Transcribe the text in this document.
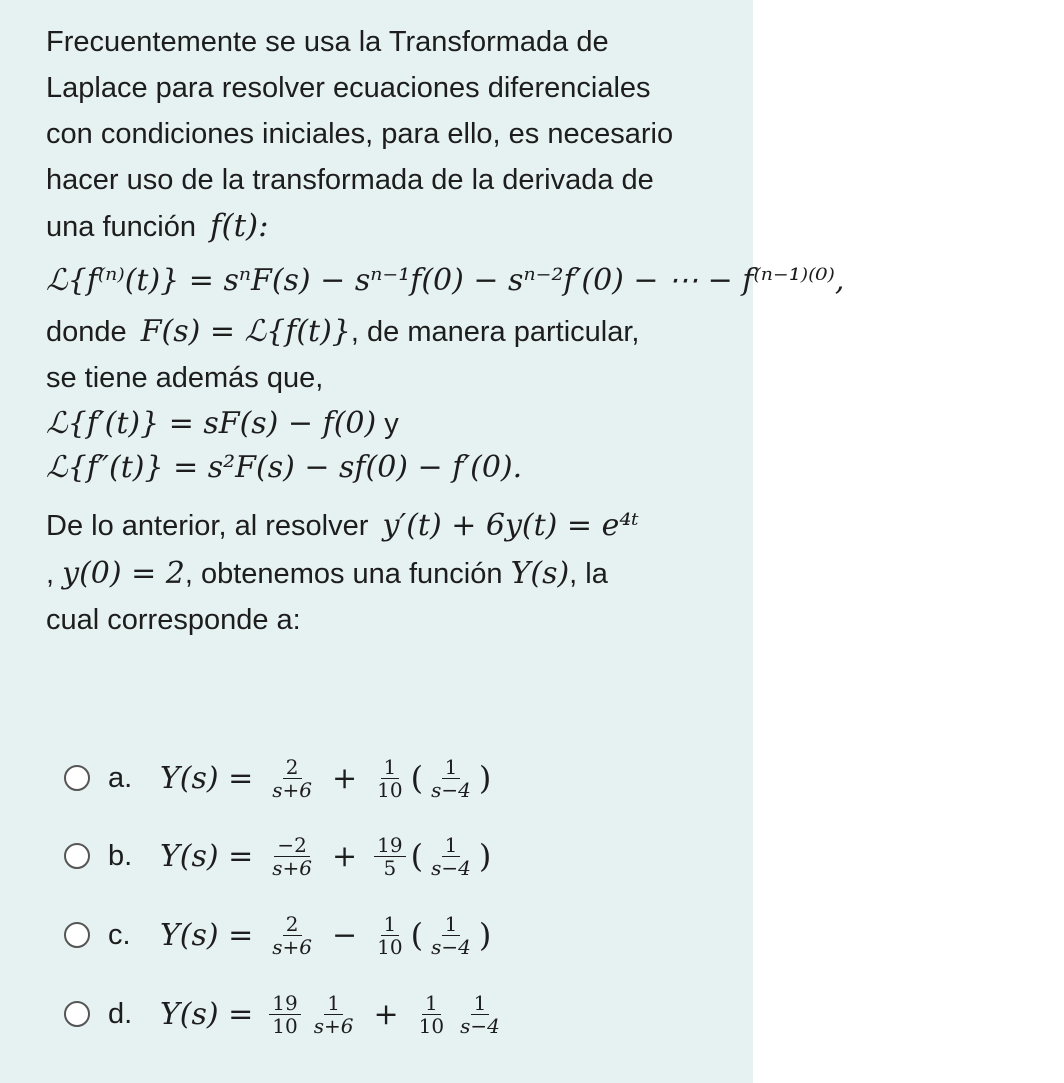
Frecuentemente se usa la Transformada de
Laplace para resolver ecuaciones diferenciales
con condiciones iniciales, para ello, es necesario
hacer uso de la transformada de la derivada de
una función f(t):
ℒ{f⁽ⁿ⁾(t)} = sⁿF(s) − sⁿ⁻¹f(0) − sⁿ⁻²f′(0) − ⋯ − f⁽ⁿ⁻¹⁾⁽⁰⁾,
donde F(s) = ℒ{f(t)}, de manera particular,
se tiene además que,
ℒ{f′(t)} = sF(s) − f(0) y
ℒ{f″(t)} = s²F(s) − sf(0) − f′(0).
De lo anterior, al resolver y′(t) + 6y(t) = e⁴ᵗ
, y(0) = 2, obtenemos una función Y(s), la
cual corresponde a:
a. $Y(s) = \frac{2}{s+6} + \frac{1}{10}$ ( $\frac{1}{s-4}$ )
b. $Y(s) = \frac{-2}{s+6} + \frac{19}{5}$ ( $\frac{1}{s-4}$ )
c. $Y(s) = \frac{2}{s+6} - \frac{1}{10}$ ( $\frac{1}{s-4}$ )
d. $Y(s) = \frac{19}{10} \frac{1}{s+6} + \frac{1}{10} \frac{1}{s-4}$
